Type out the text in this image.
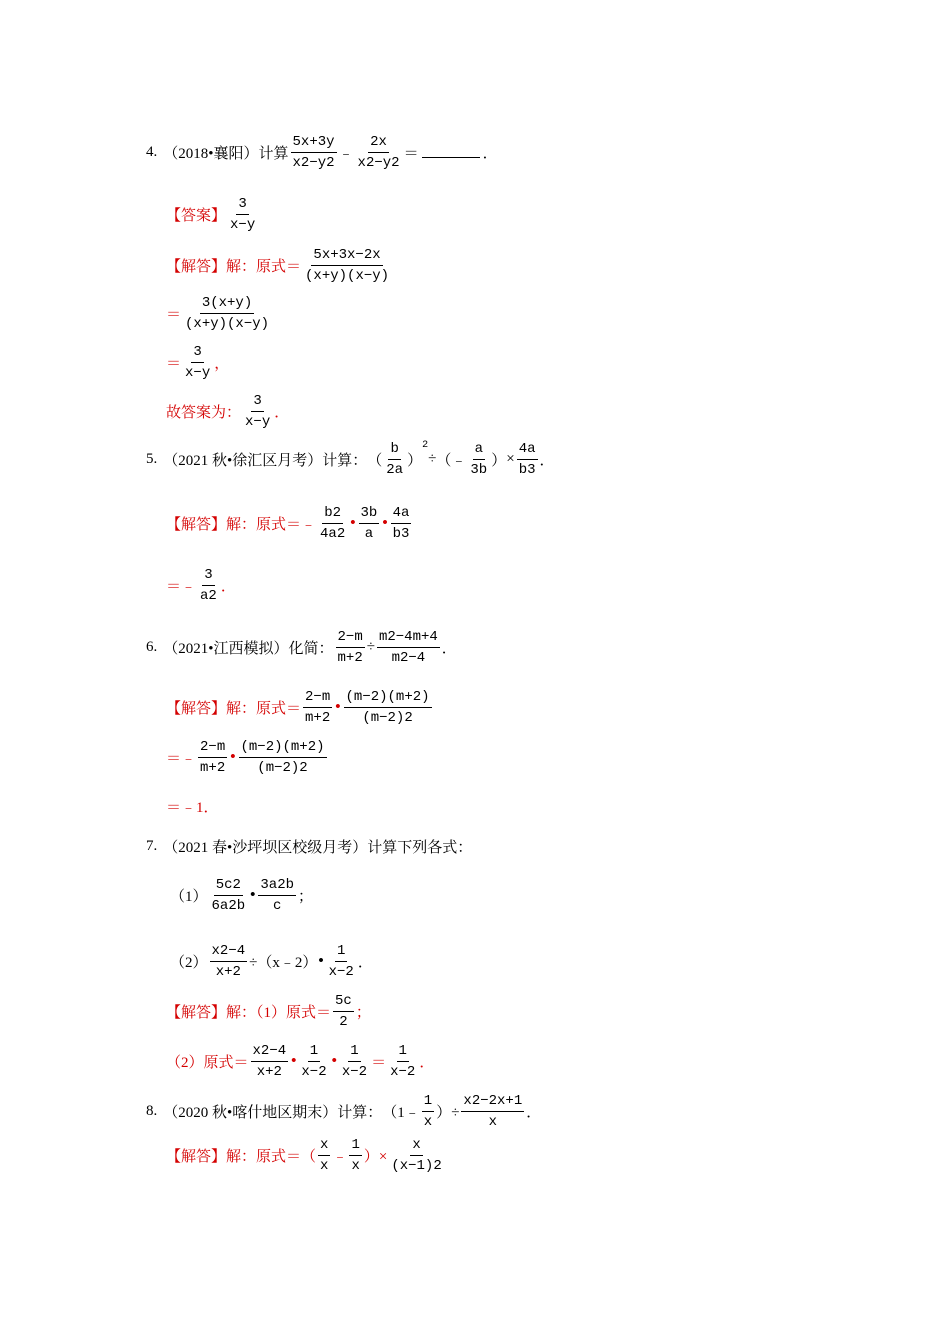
4. （2018•襄阳）计算 $\frac{5x+3y}{x2-y2}$ ﹣ $\frac{2x}{x2-y2}$ ＝	．
【答案】 $\frac{3}{x-y}$
【解答】 解：原式＝ $\frac{5x+3x-2x}{(x+y)(x-y)}$
＝ $\frac{3(x+y)}{(x+y)(x-y)}$
＝ $\frac{3}{x-y}$ ，
故答案为： $\frac{3}{x-y}$ ．
5. （2021 秋•徐汇区月考）计算： （ $\frac{b}{2a}$ ）
$^2$
÷ （ ﹣ $\frac{a}{3b}$ ） × $\frac{4a}{b3}$ ．
【解答】 解：原式＝﹣ $\frac{b2}{4a2}$ • $\frac{3b}{a}$ • $\frac{4a}{b3}$
＝﹣ $\frac{3}{a2}$ ．
6. （2021•江西模拟）化简： $\frac{2-m}{m+2} \div \frac{m2-4m+4}{m2-4}$ ．
【解答】 解：原式＝ $\frac{2-m}{m+2}$ • $\frac{(m-2)(m+2)}{(m-2)2}$
＝﹣ $\frac{2-m}{m+2}$ • $\frac{(m-2)(m+2)}{(m-2)2}$
＝﹣1．
7. （2021 春•沙坪坝区校级月考）计算下列各式：
$(1) \frac{5c2}{6a2b}$ • $\frac{3a2b}{c}$ ；
$(2) \frac{x2-4}{x+2}$ ÷（x﹣2） • $\frac{1}{x-2}$ ．
【解答】 解：（1）原式＝ $\frac{5c}{2}$ ；
（2）原式＝ $\frac{x2-4}{x+2}$ • $\frac{1}{x-2}$ • $\frac{1}{x-2} = \frac{1}{x-2}$ ．
8. （2020 秋•喀什地区期末）计算： （1﹣ $\frac{1}{x}$ ）÷ $\frac{x2-2x+1}{x}$ ．
【解答】 解：原式＝（ $\frac{x}{x}$ ﹣ $\frac{1}{x}$ ）× $\frac{x}{(x-1)2}$
